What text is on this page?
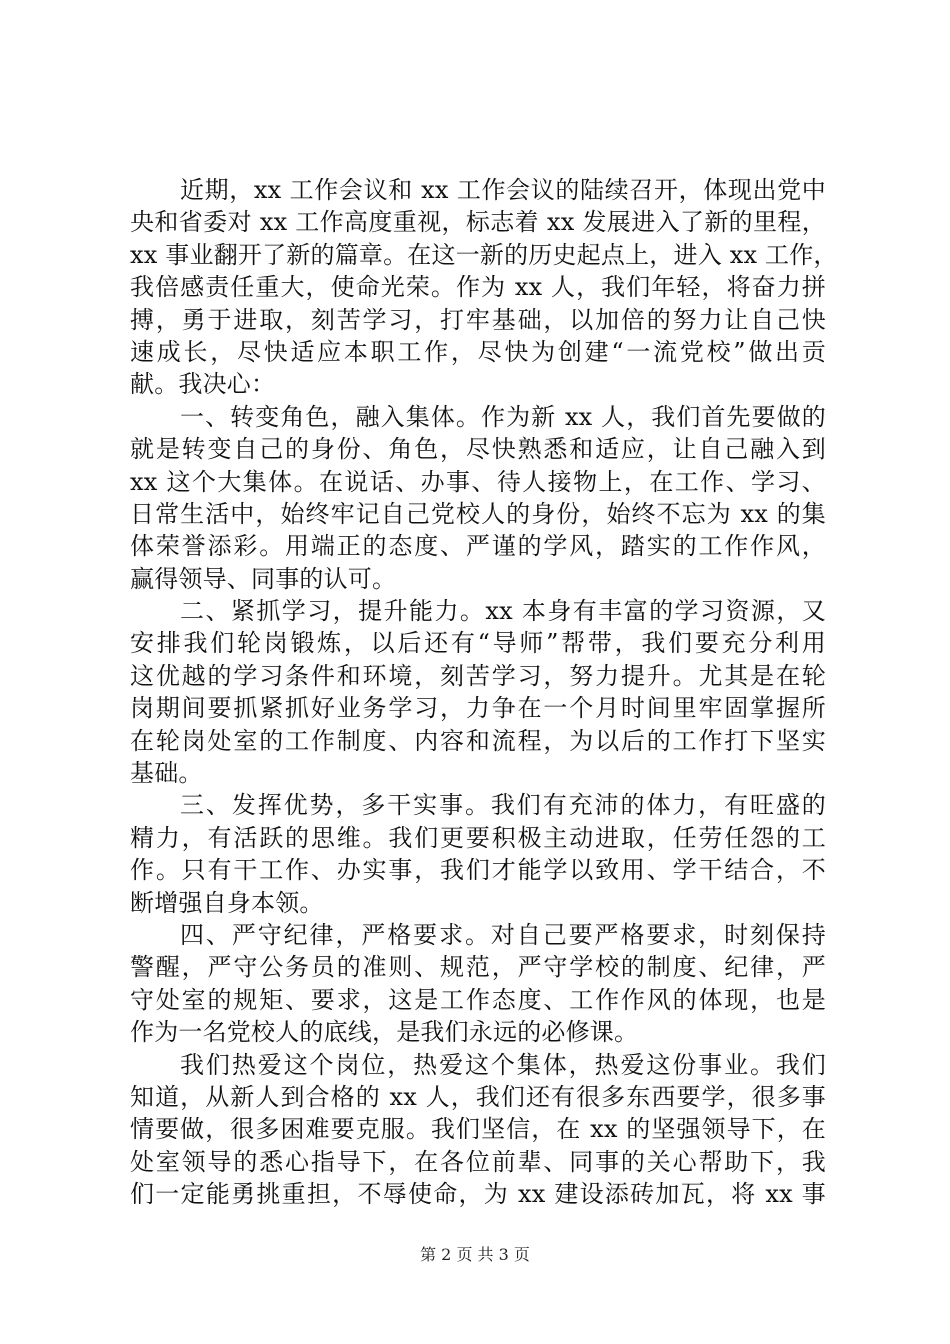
近期，xx 工作会议和 xx 工作会议的陆续召开，体现出党中
央和省委对 xx 工作高度重视，标志着 xx 发展进入了新的里程，
xx 事业翻开了新的篇章。在这一新的历史起点上，进入 xx 工作，
我倍感责任重大，使命光荣。作为 xx 人，我们年轻，将奋力拼
搏，勇于进取，刻苦学习，打牢基础，以加倍的努力让自己快
速成长，尽快适应本职工作，尽快为创建“一流党校”做出贡
献。我决心：
一、转变角色，融入集体。作为新 xx 人，我们首先要做的
就是转变自己的身份、角色，尽快熟悉和适应，让自己融入到
xx 这个大集体。在说话、办事、待人接物上，在工作、学习、
日常生活中，始终牢记自己党校人的身份，始终不忘为 xx 的集
体荣誉添彩。用端正的态度、严谨的学风，踏实的工作作风，
赢得领导、同事的认可。
二、紧抓学习，提升能力。xx 本身有丰富的学习资源，又
安排我们轮岗锻炼，以后还有“导师”帮带，我们要充分利用
这优越的学习条件和环境，刻苦学习，努力提升。尤其是在轮
岗期间要抓紧抓好业务学习，力争在一个月时间里牢固掌握所
在轮岗处室的工作制度、内容和流程，为以后的工作打下坚实
基础。
三、发挥优势，多干实事。我们有充沛的体力，有旺盛的
精力，有活跃的思维。我们更要积极主动进取，任劳任怨的工
作。只有干工作、办实事，我们才能学以致用、学干结合，不
断增强自身本领。
四、严守纪律，严格要求。对自己要严格要求，时刻保持
警醒，严守公务员的准则、规范，严守学校的制度、纪律，严
守处室的规矩、要求，这是工作态度、工作作风的体现，也是
作为一名党校人的底线，是我们永远的必修课。
我们热爱这个岗位，热爱这个集体，热爱这份事业。我们
知道，从新人到合格的 xx 人，我们还有很多东西要学，很多事
情要做，很多困难要克服。我们坚信，在 xx 的坚强领导下，在
处室领导的悉心指导下，在各位前辈、同事的关心帮助下，我
们一定能勇挑重担，不辱使命，为 xx 建设添砖加瓦，将 xx 事
第 2 页 共 3 页
